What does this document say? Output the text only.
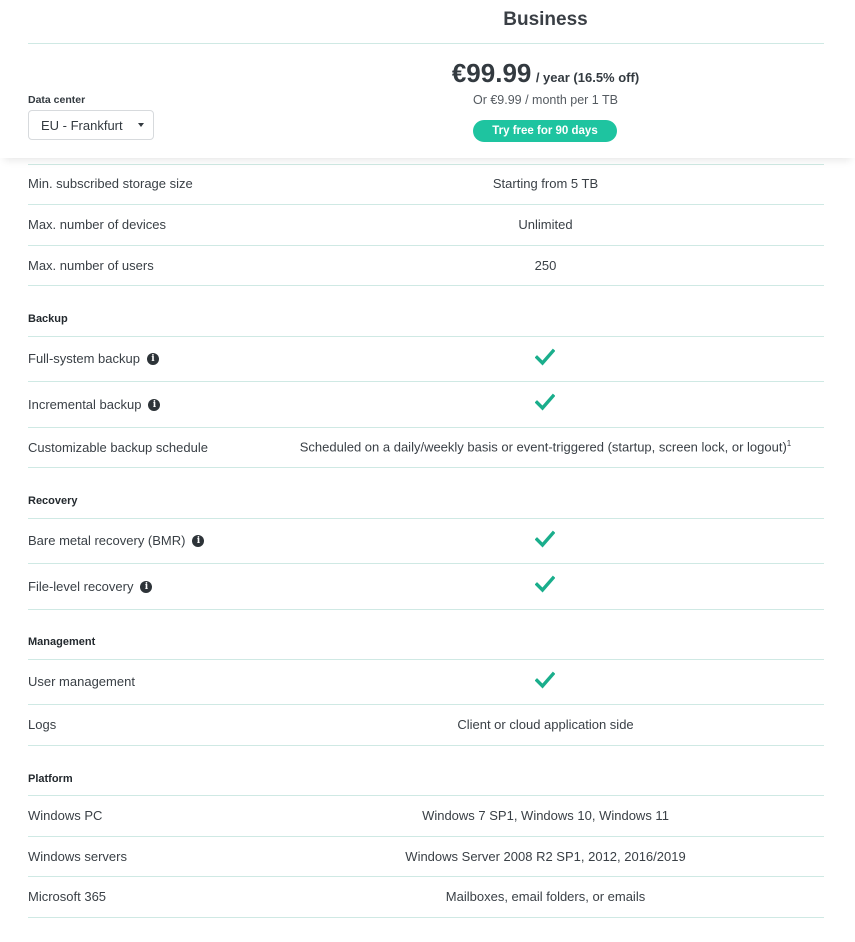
Business
Data center
EU - Frankfurt
€99.99 / year (16.5% off)
Or €9.99 / month per 1 TB
Try free for 90 days
Min. subscribed storage size	Starting from 5 TB
Max. number of devices	Unlimited
Max. number of users	250
Backup
Full-system backup	i
Incremental backup	i
Customizable backup schedule	Scheduled on a daily/weekly basis or event-triggered (startup, screen lock, or logout)$^1$
Recovery
Bare metal recovery (BMR)	i
File-level recovery	i
Management
User management
Logs	Client or cloud application side
Platform
Windows PC	Windows 7 SP1, Windows 10, Windows 11
Windows servers	Windows Server 2008 R2 SP1, 2012, 2016/2019
Microsoft 365	Mailboxes, email folders, or emails
